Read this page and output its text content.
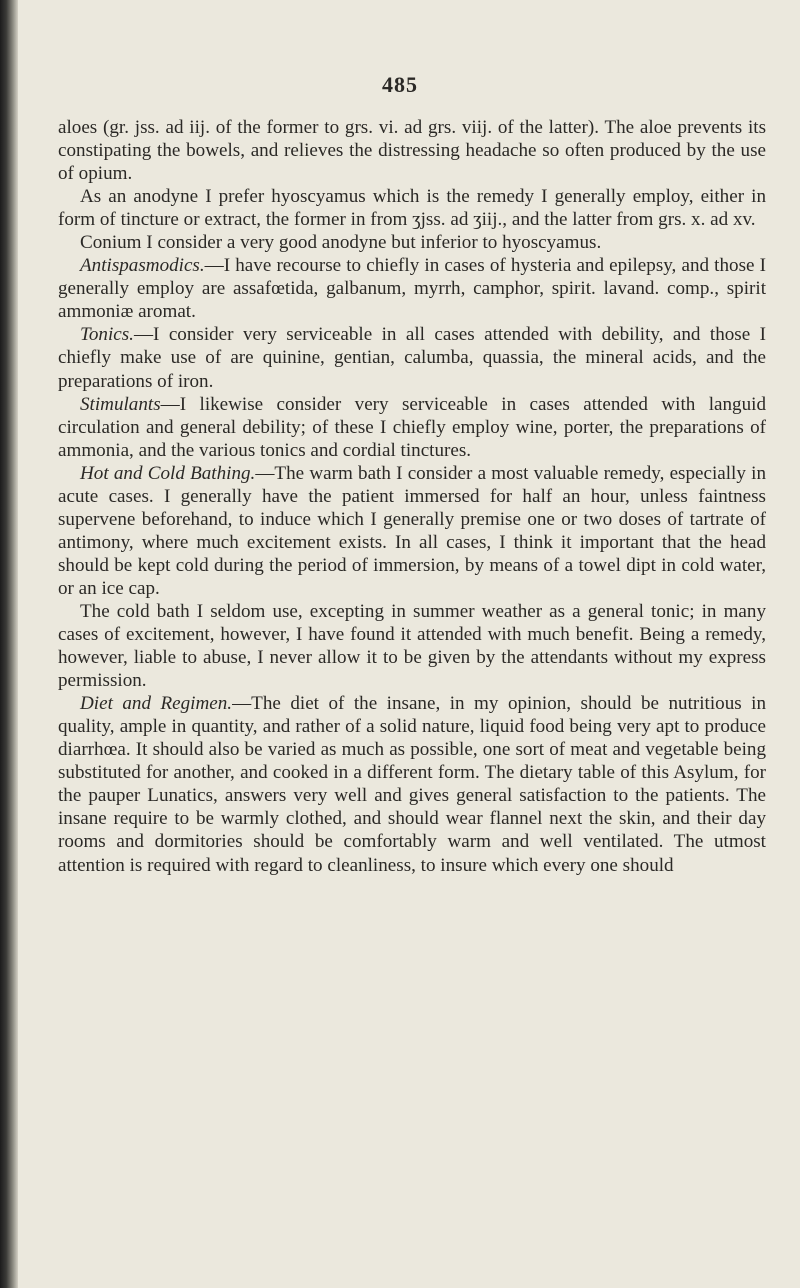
485

aloes (gr. jss. ad iij. of the former to grs. vi. ad grs. viij. of the latter). The aloe prevents its constipating the bowels, and relieves the distressing headache so often produced by the use of opium.

As an anodyne I prefer hyoscyamus which is the remedy I generally employ, either in form of tincture or extract, the former in from ʒjss. ad ʒiij., and the latter from grs. x. ad xv.

Conium I consider a very good anodyne but inferior to hyoscyamus.

Antispasmodics.—I have recourse to chiefly in cases of hysteria and epilepsy, and those I generally employ are assafœtida, galbanum, myrrh, camphor, spirit. lavand. comp., spirit ammoniæ aromat.

Tonics.—I consider very serviceable in all cases attended with debility, and those I chiefly make use of are quinine, gentian, calumba, quassia, the mineral acids, and the preparations of iron.

Stimulants—I likewise consider very serviceable in cases attended with languid circulation and general debility; of these I chiefly employ wine, porter, the preparations of ammonia, and the various tonics and cordial tinctures.

Hot and Cold Bathing.—The warm bath I consider a most valuable remedy, especially in acute cases. I generally have the patient immersed for half an hour, unless faintness supervene beforehand, to induce which I generally premise one or two doses of tartrate of antimony, where much excitement exists. In all cases, I think it important that the head should be kept cold during the period of immersion, by means of a towel dipt in cold water, or an ice cap.

The cold bath I seldom use, excepting in summer weather as a general tonic; in many cases of excitement, however, I have found it attended with much benefit. Being a remedy, however, liable to abuse, I never allow it to be given by the attendants without my express permission.

Diet and Regimen.—The diet of the insane, in my opinion, should be nutritious in quality, ample in quantity, and rather of a solid nature, liquid food being very apt to produce diarrhœa. It should also be varied as much as possible, one sort of meat and vegetable being substituted for another, and cooked in a different form. The dietary table of this Asylum, for the pauper Lunatics, answers very well and gives general satisfaction to the patients. The insane require to be warmly clothed, and should wear flannel next the skin, and their day rooms and dormitories should be comfortably warm and well ventilated. The utmost attention is required with regard to cleanliness, to insure which every one should
